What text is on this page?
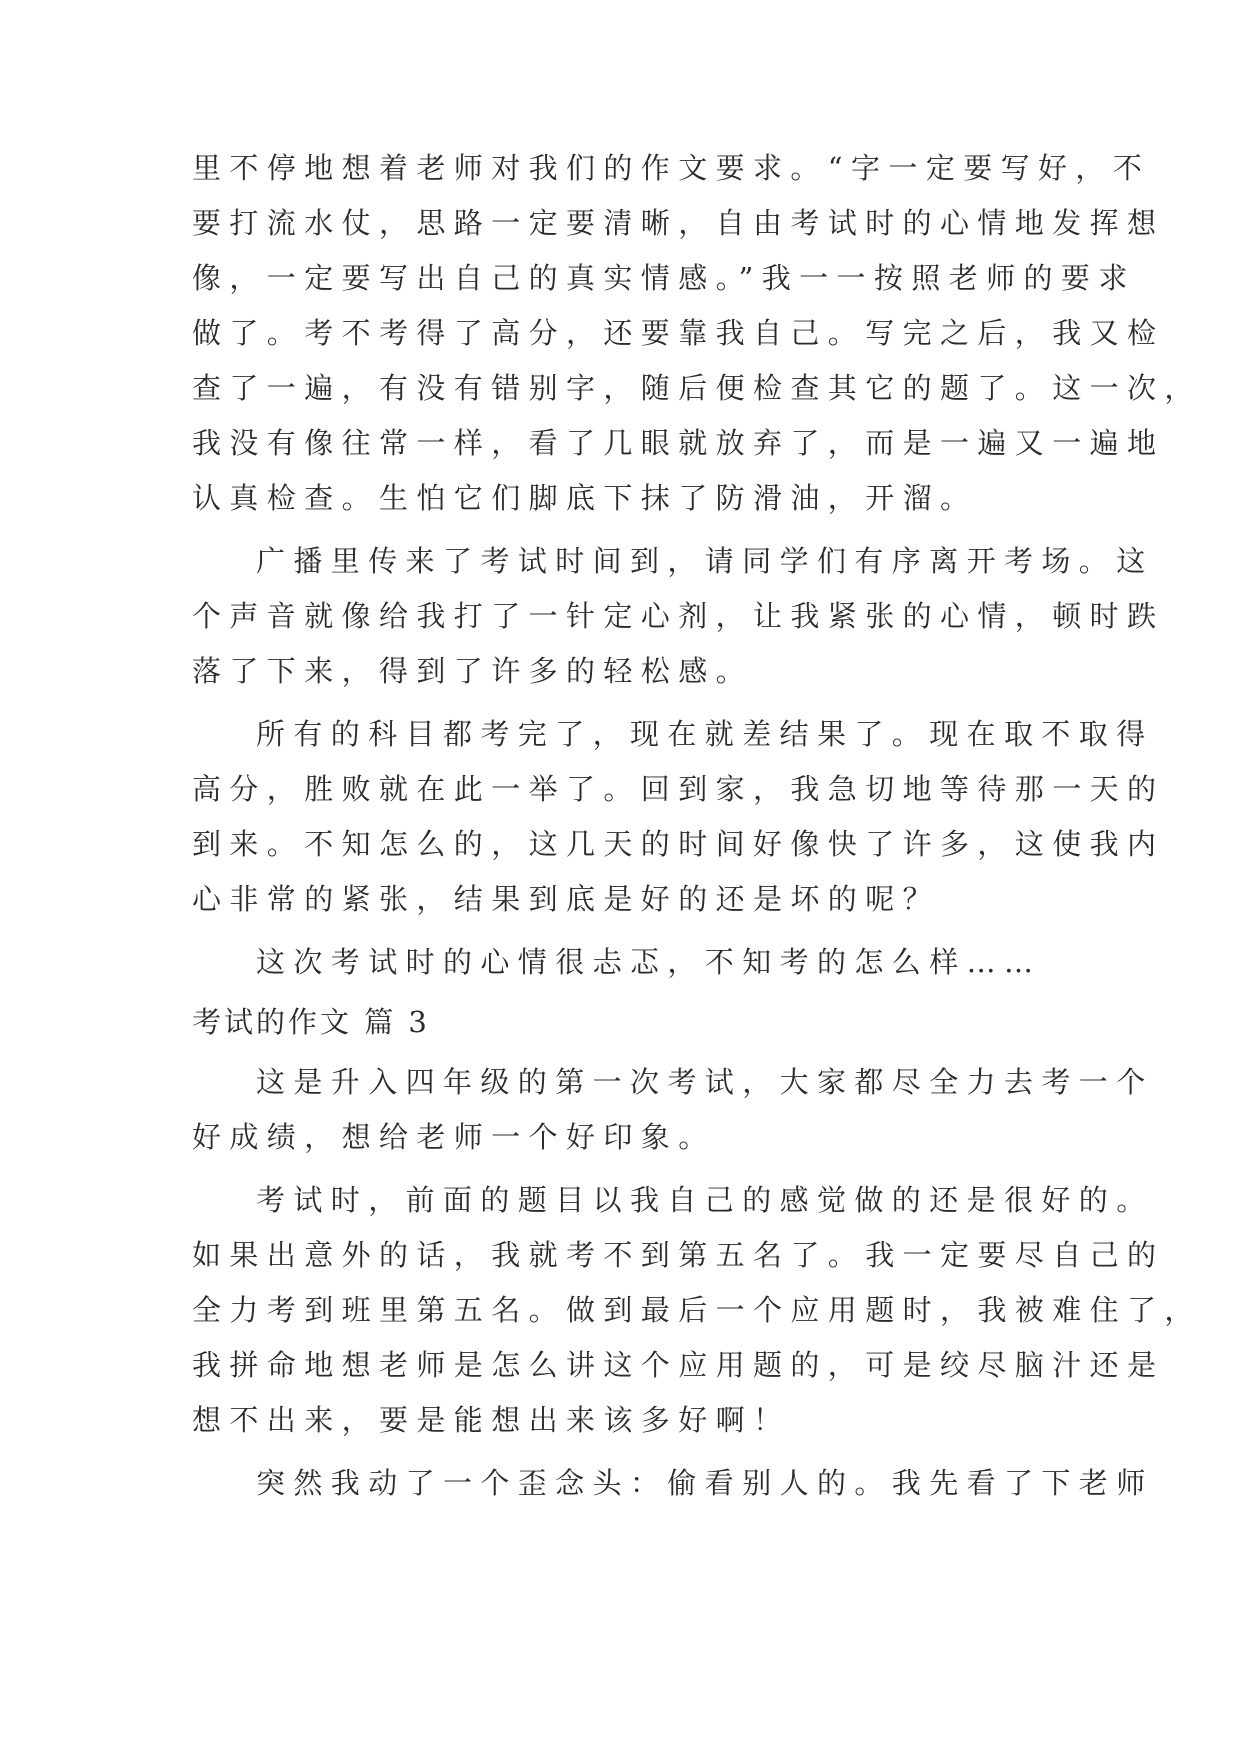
里不停地想着老师对我们的作文要求。“字一定要写好，不
要打流水仗，思路一定要清晰，自由考试时的心情地发挥想
像，一定要写出自己的真实情感。”我一一按照老师的要求
做了。考不考得了高分，还要靠我自己。写完之后，我又检
查了一遍，有没有错别字，随后便检查其它的题了。这一次，
我没有像往常一样，看了几眼就放弃了，而是一遍又一遍地
认真检查。生怕它们脚底下抹了防滑油，开溜。
广播里传来了考试时间到，请同学们有序离开考场。这
个声音就像给我打了一针定心剂，让我紧张的心情，顿时跌
落了下来，得到了许多的轻松感。
所有的科目都考完了，现在就差结果了。现在取不取得
高分，胜败就在此一举了。回到家，我急切地等待那一天的
到来。不知怎么的，这几天的时间好像快了许多，这使我内
心非常的紧张，结果到底是好的还是坏的呢？
这次考试时的心情很忐忑，不知考的怎么样……
考试的作文 篇 3
这是升入四年级的第一次考试，大家都尽全力去考一个
好成绩，想给老师一个好印象。
考试时，前面的题目以我自己的感觉做的还是很好的。
如果出意外的话，我就考不到第五名了。我一定要尽自己的
全力考到班里第五名。做到最后一个应用题时，我被难住了，
我拼命地想老师是怎么讲这个应用题的，可是绞尽脑汁还是
想不出来，要是能想出来该多好啊！
突然我动了一个歪念头：偷看别人的。我先看了下老师
